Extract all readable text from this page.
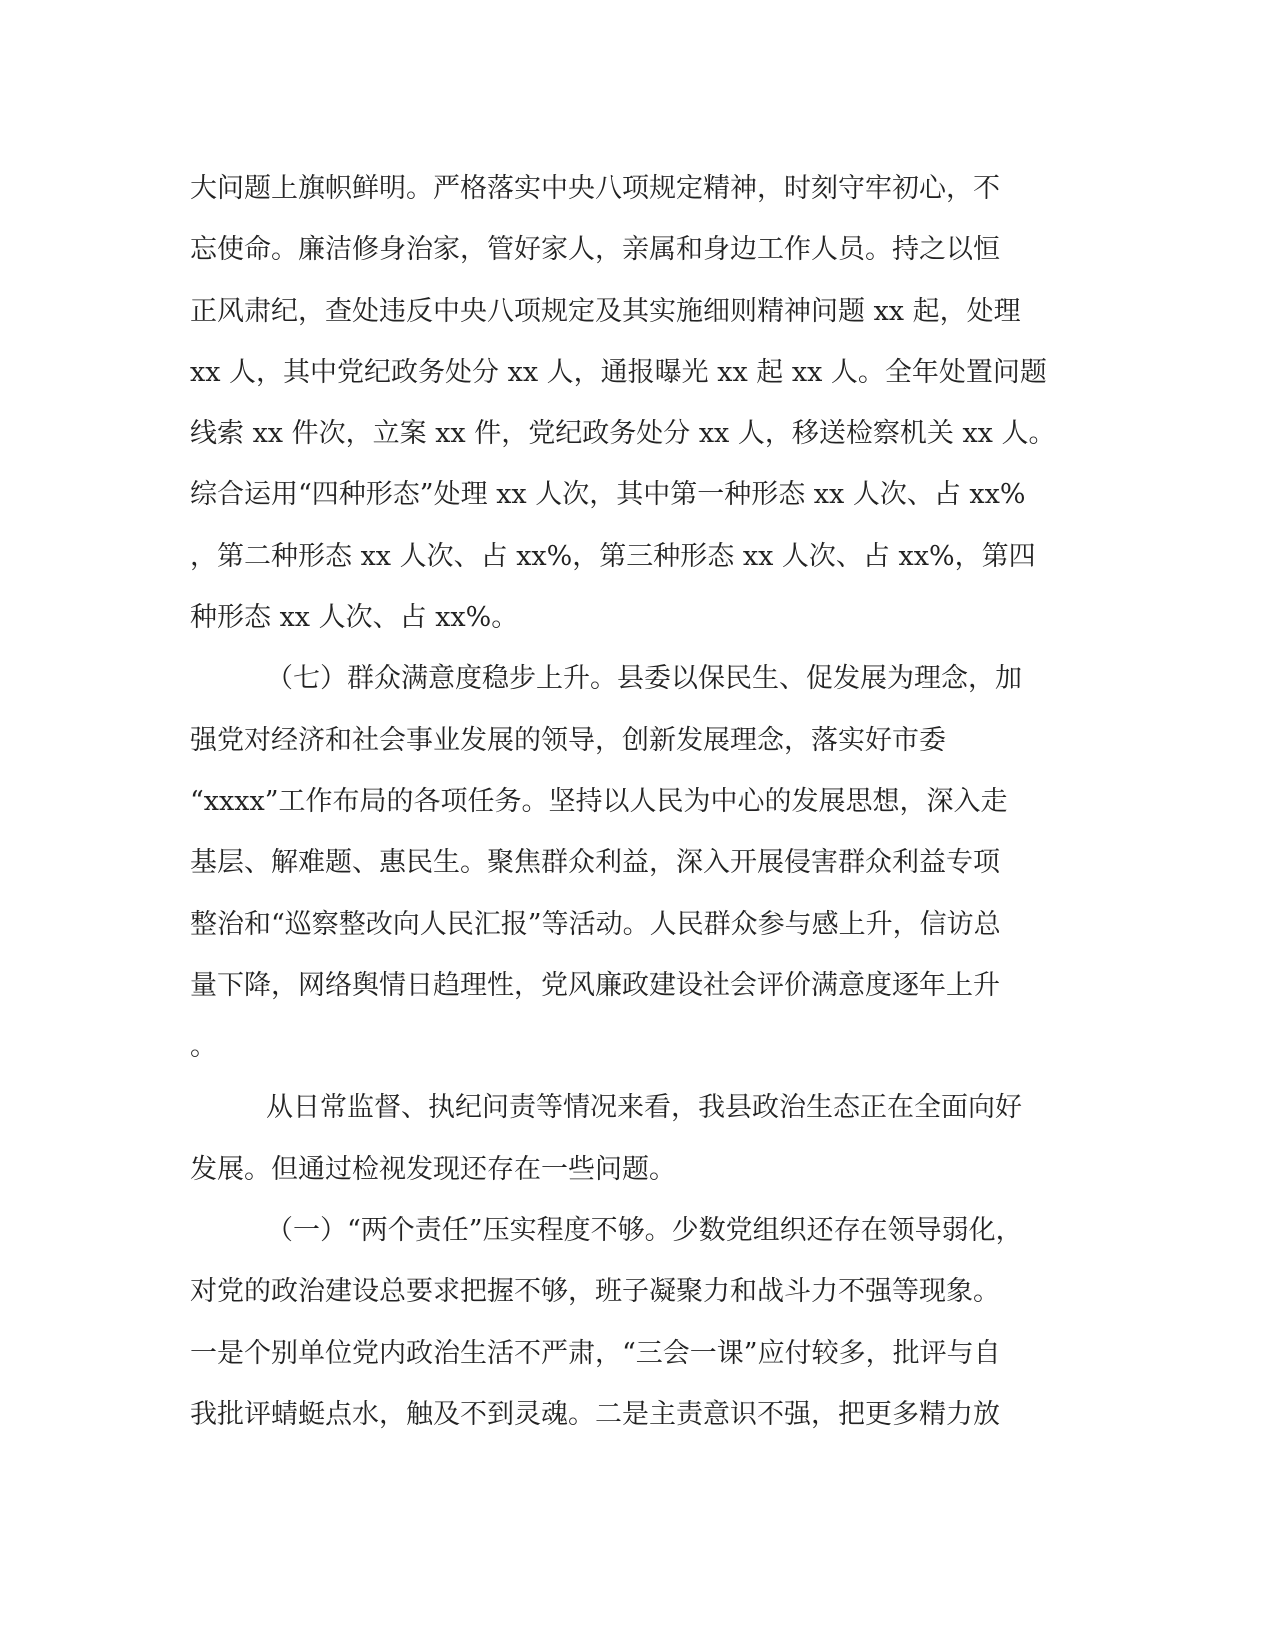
大问题上旗帜鲜明。严格落实中央八项规定精神，时刻守牢初心，不
忘使命。廉洁修身治家，管好家人，亲属和身边工作人员。持之以恒
正风肃纪，查处违反中央八项规定及其实施细则精神问题 xx 起，处理
xx 人，其中党纪政务处分 xx 人，通报曝光 xx 起 xx 人。全年处置问题
线索 xx 件次，立案 xx 件，党纪政务处分 xx 人，移送检察机关 xx 人。
综合运用“四种形态”处理 xx 人次，其中第一种形态 xx 人次、占 xx%
，第二种形态 xx 人次、占 xx%，第三种形态 xx 人次、占 xx%，第四
种形态 xx 人次、占 xx%。
（七）群众满意度稳步上升。县委以保民生、促发展为理念，加
强党对经济和社会事业发展的领导，创新发展理念，落实好市委
“xxxx”工作布局的各项任务。坚持以人民为中心的发展思想，深入走
基层、解难题、惠民生。聚焦群众利益，深入开展侵害群众利益专项
整治和“巡察整改向人民汇报”等活动。人民群众参与感上升，信访总
量下降，网络舆情日趋理性，党风廉政建设社会评价满意度逐年上升
。
从日常监督、执纪问责等情况来看，我县政治生态正在全面向好
发展。但通过检视发现还存在一些问题。
（一）“两个责任”压实程度不够。少数党组织还存在领导弱化，
对党的政治建设总要求把握不够，班子凝聚力和战斗力不强等现象。
一是个别单位党内政治生活不严肃，“三会一课”应付较多，批评与自
我批评蜻蜓点水，触及不到灵魂。二是主责意识不强，把更多精力放
